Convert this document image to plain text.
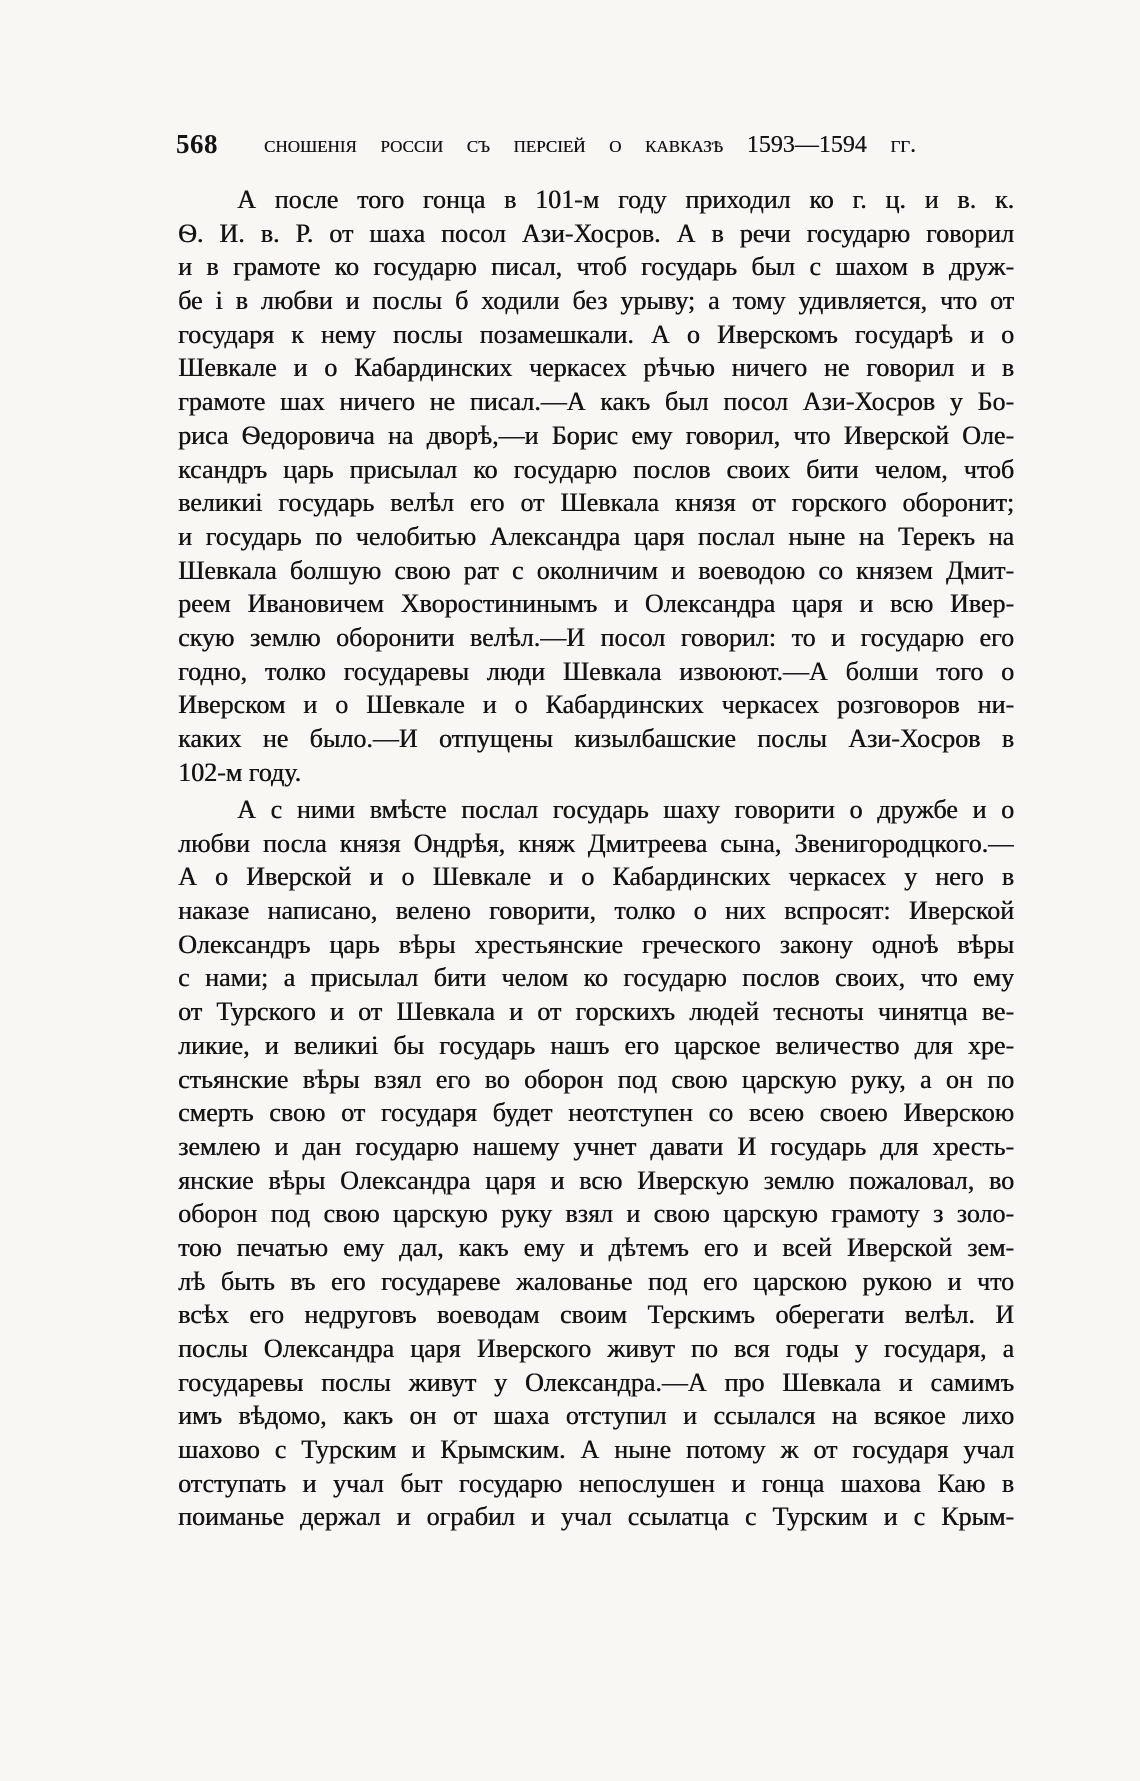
568 сношенія россіи съ персіей о кавказѣ 1593—1594 гг.
А после того гонца в 101-м году приходил ко г. ц. и в. к.
Ѳ. И. в. Р. от шаха посол Ази-Хосров. А в речи государю говорил
и в грамоте ко государю писал, чтоб государь был с шахом в друж-
бе і в любви и послы б ходили без урыву; а тому удивляется, что от
государя к нему послы позамешкали. А о Иверскомъ государѣ и о
Шевкале и о Кабардинских черкасех рѣчью ничего не говорил и в
грамоте шах ничего не писал.—А какъ был посол Ази-Хосров у Бо-
риса Ѳедоровича на дворѣ,—и Борис ему говорил, что Иверской Оле-
ксандръ царь присылал ко государю послов своих бити челом, чтоб
великиі государь велѣл его от Шевкала князя от горского оборонит;
и государь по челобитью Александра царя послал ныне на Терекъ на
Шевкала болшую свою рат с околничим и воеводою со князем Дмит-
реем Ивановичем Хворостининымъ и Олександра царя и всю Ивер-
скую землю оборонити велѣл.—И посол говорил: то и государю его
годно, толко государевы люди Шевкала извоюют.—А болши того о
Иверском и о Шевкале и о Кабардинских черкасех розговоров ни-
каких не было.—И отпущены кизылбашские послы Ази-Хосров в
102-м году.
А с ними вмѣсте послал государь шаху говорити о дружбе и о
любви посла князя Ондрѣя, княж Дмитреева сына, Звенигородцкого.—
А о Иверской и о Шевкале и о Кабардинских черкасех у него в
наказе написано, велено говорити, толко о них вспросят: Иверской
Олександръ царь вѣры хрестьянские греческого закону одноѣ вѣры
с нами; а присылал бити челом ко государю послов своих, что ему
от Турского и от Шевкала и от горскихъ людей тесноты чинятца ве-
ликие, и великиі бы государь нашъ его царское величество для хре-
стьянские вѣры взял его во оборон под свою царскую руку, а он по
смерть свою от государя будет неотступен со всею своею Иверскою
землею и дан государю нашему учнет давати И государь для хресть-
янские вѣры Олександра царя и всю Иверскую землю пожаловал, во
оборон под свою царскую руку взял и свою царскую грамоту з золо-
тою печатью ему дал, какъ ему и дѣтемъ его и всей Иверской зем-
лѣ быть въ его государеве жалованье под его царскою рукою и что
всѣх его недруговъ воеводам своим Терскимъ оберегати велѣл. И
послы Олександра царя Иверского живут по вся годы у государя, а
государевы послы живут у Олександра.—А про Шевкала и самимъ
имъ вѣдомо, какъ он от шаха отступил и ссылался на всякое лихо
шахово с Турским и Крымским. А ныне потому ж от государя учал
отступать и учал быт государю непослушен и гонца шахова Каю в
поиманье держал и ограбил и учал ссылатца с Турским и с Крым-
